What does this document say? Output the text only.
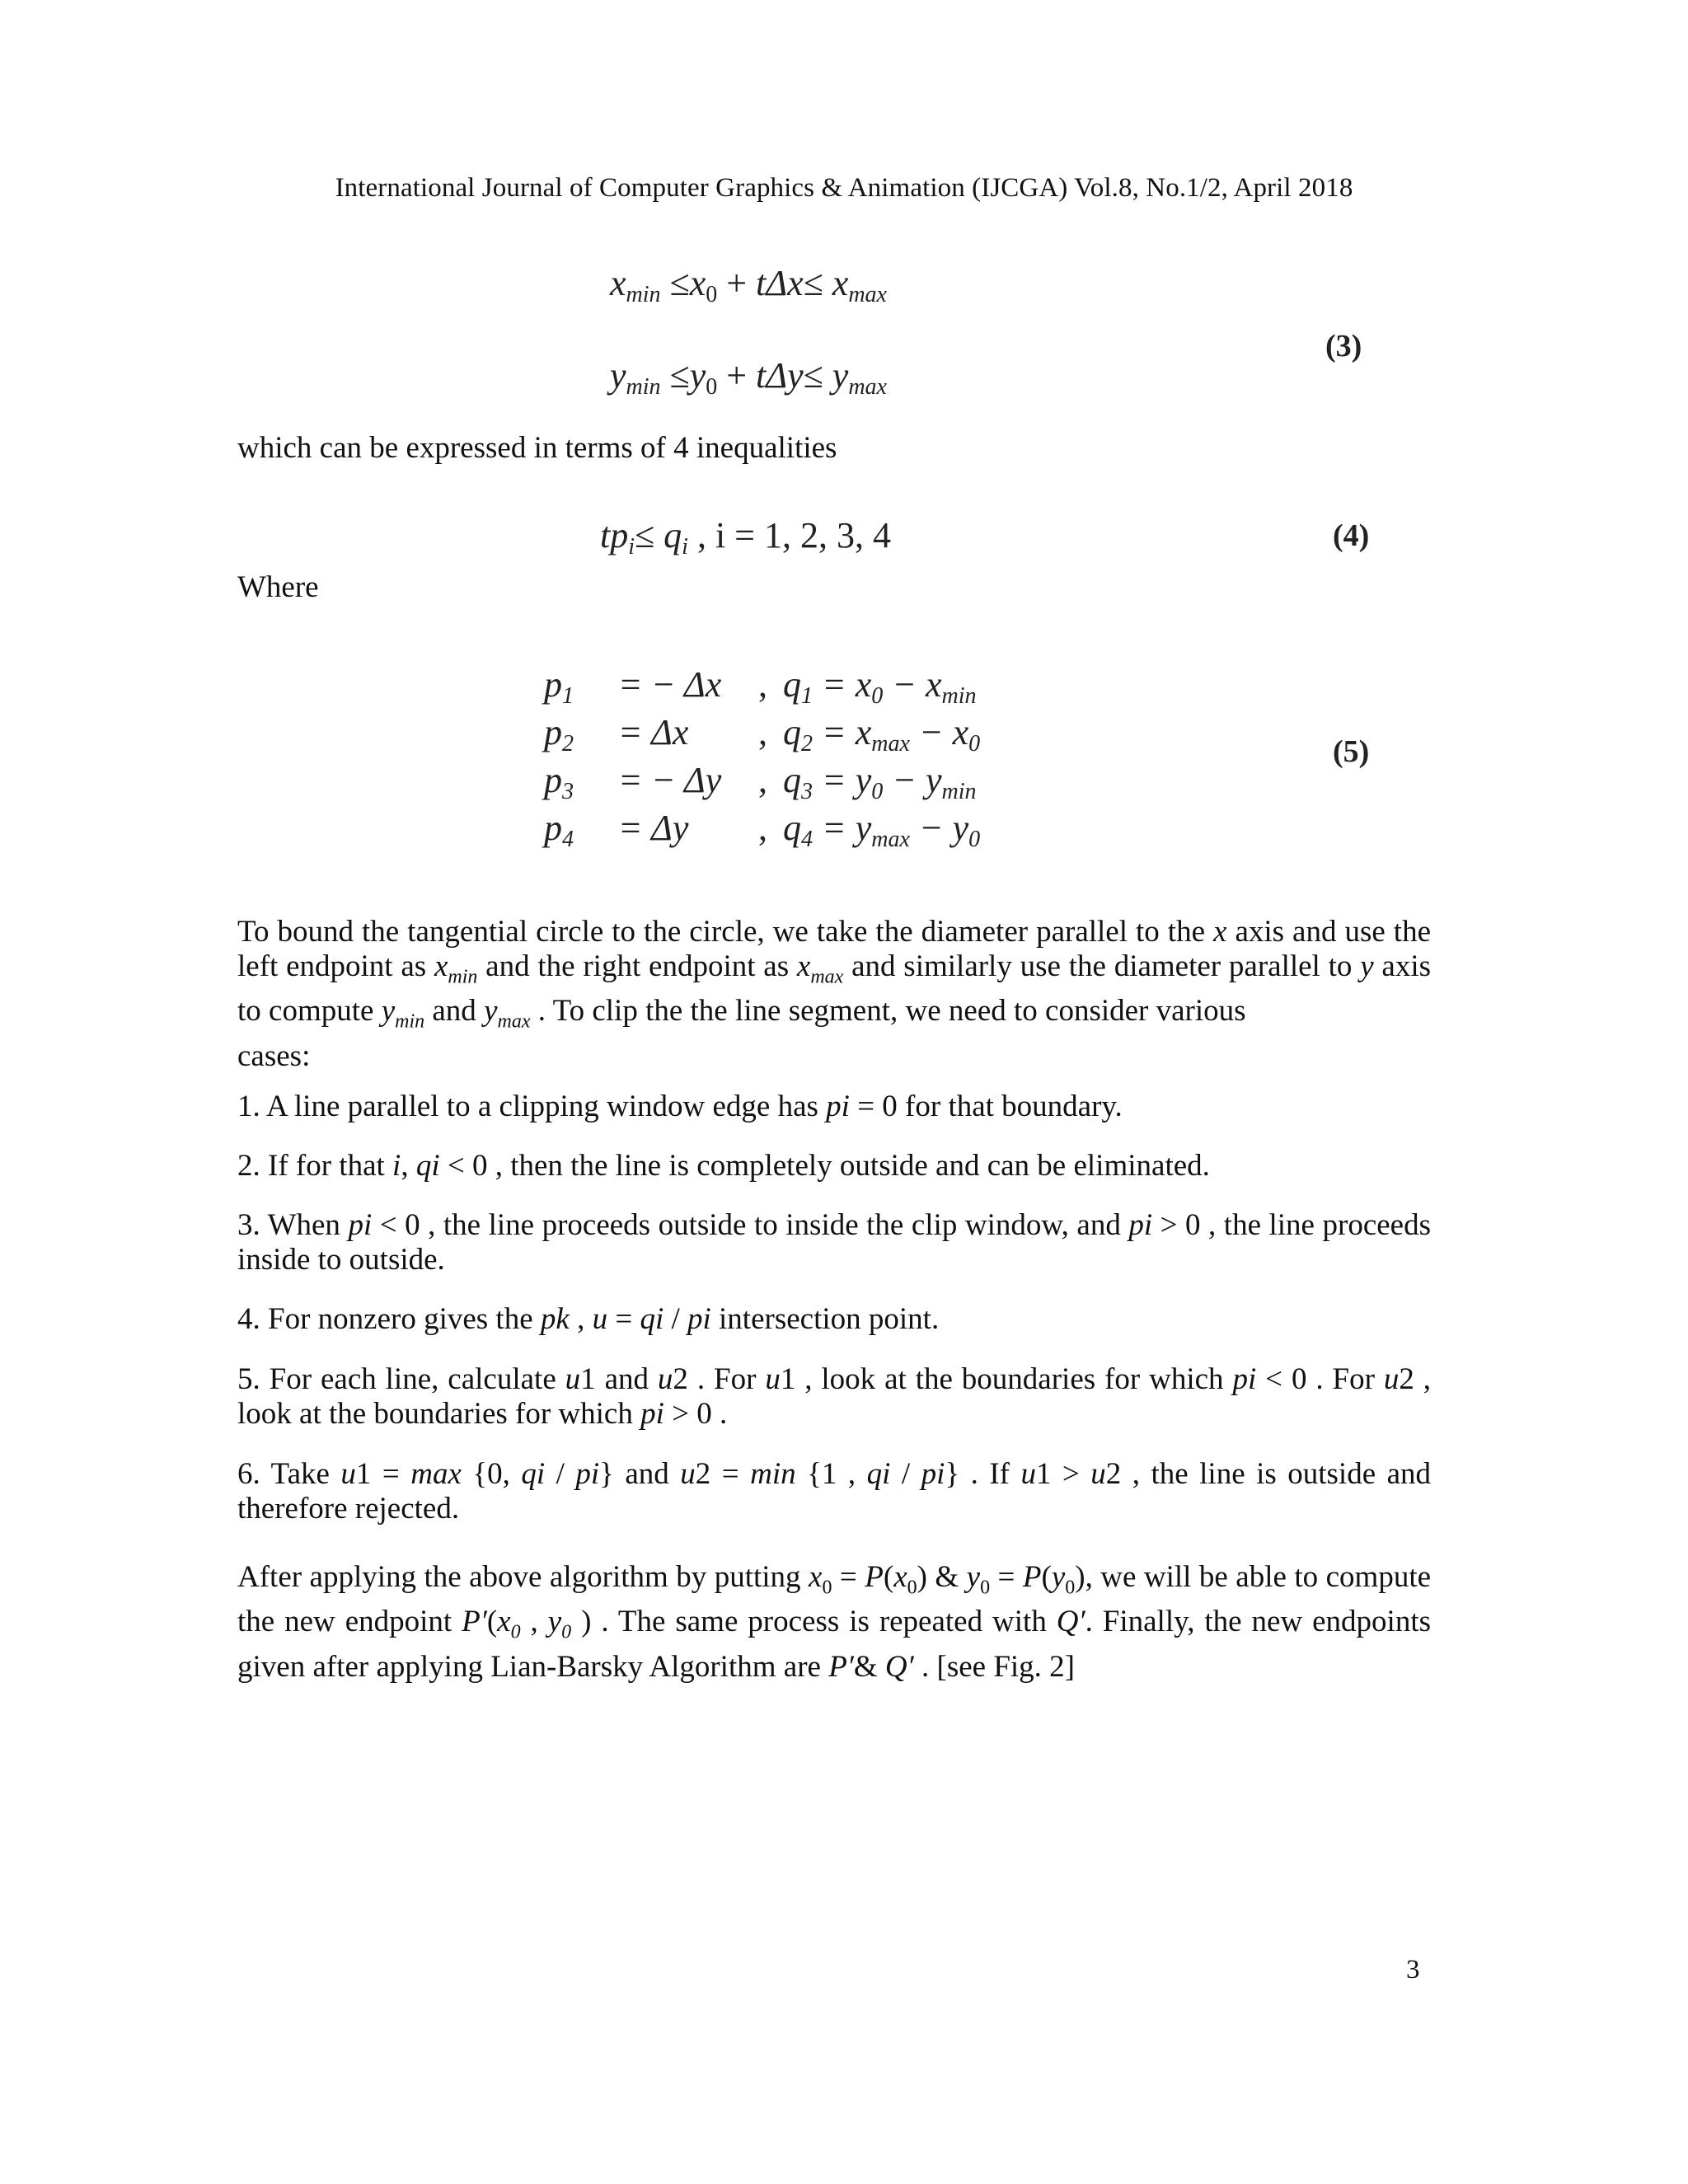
International Journal of Computer Graphics & Animation (IJCGA) Vol.8, No.1/2, April 2018
$x_{min} \le x_0 + t\Delta x\le x_{max}$
$y_{min} \le y_0 + t\Delta y\le y_{max}$
(3)
which can be expressed in terms of 4 inequalities
$tp_i\le q_i$ , i = 1, 2, 3, 4	(4)
Where
$p_1$	= − Δx	, $q_1 = x_0 - x_{min}$
$p_2$	= Δx	, $q_2 = x_{max} - x_0$
$p_3$	= − Δy	, $q_3 = y_0 - y_{min}$
$p_4$	= Δy	, $q_4 = y_{max} - y_0$
(5)
To bound the tangential circle to the circle, we take the diameter parallel to the x axis and use the left endpoint as $x_{min}$ and the right endpoint as $x_{max}$ and similarly use the diameter parallel to y axis to compute $y_{min}$ and $y_{max}$ . To clip the the line segment, we need to consider various
cases:
1. A line parallel to a clipping window edge has pi = 0 for that boundary.
2. If for that i, qi < 0 , then the line is completely outside and can be eliminated.
3. When pi < 0 , the line proceeds outside to inside the clip window, and pi > 0 , the line proceeds inside to outside.
4. For nonzero gives the pk , u = qi / pi intersection point.
5. For each line, calculate u1 and u2 . For u1 , look at the boundaries for which pi < 0 . For u2 , look at the boundaries for which pi > 0 .
6. Take u1 = max {0, qi / pi} and u2 = min {1 , qi / pi} . If u1 > u2 , the line is outside and therefore rejected.
After applying the above algorithm by putting $x_0 = P(x_0)$ & $y_0 = P(y_0)$, we will be able to compute the new endpoint $P'(x_0$ , $y_0$ ) . The same process is repeated with Q′. Finally, the new endpoints given after applying Lian-Barsky Algorithm are P′& Q′ . [see Fig. 2]
3
